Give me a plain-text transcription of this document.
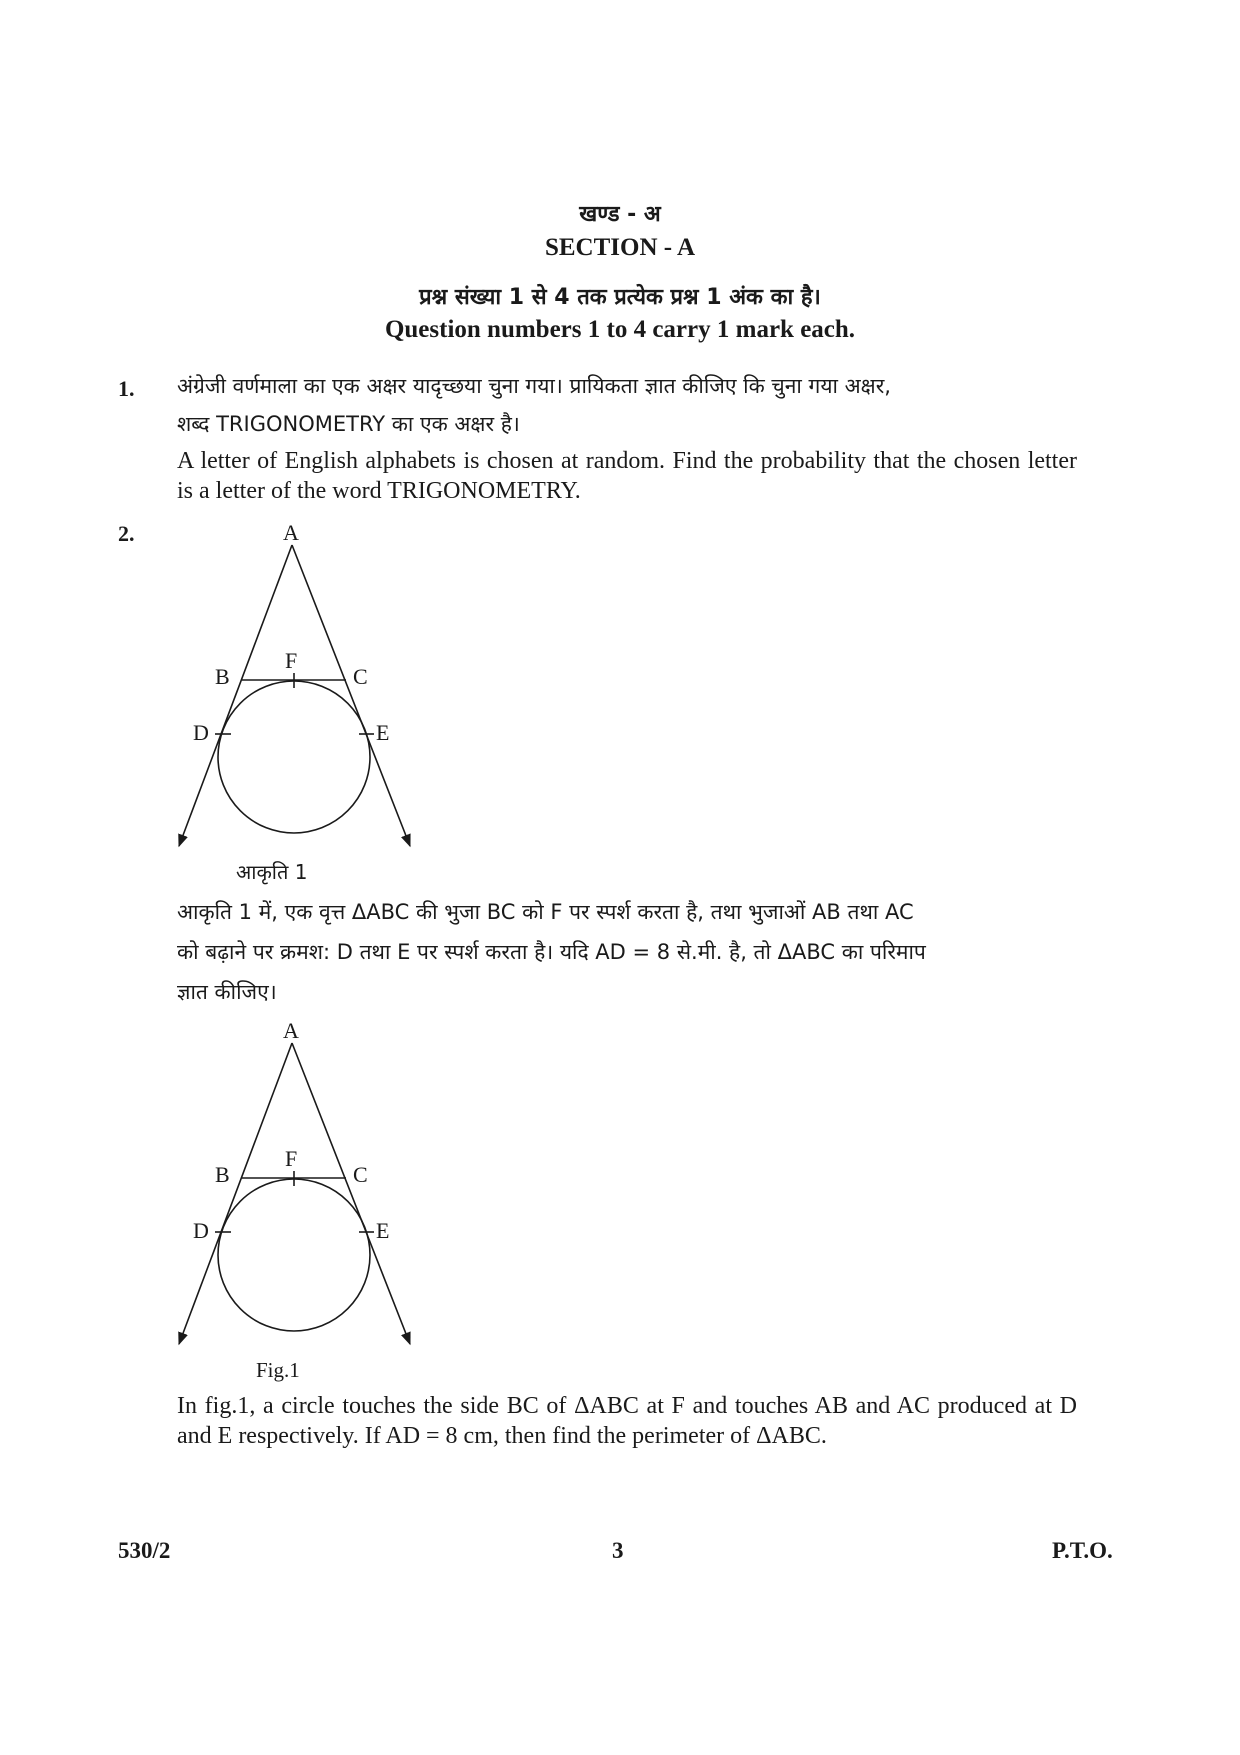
खण्ड - अ
SECTION - A
प्रश्न संख्या 1 से 4 तक प्रत्येक प्रश्न 1 अंक का है।
Question numbers 1 to 4 carry 1 mark each.
1. अंग्रेजी वर्णमाला का एक अक्षर यादृच्छया चुना गया। प्रायिकता ज्ञात कीजिए कि चुना गया अक्षर,
शब्द TRIGONOMETRY का एक अक्षर है।
A letter of English alphabets is chosen at random. Find the probability that the chosen letter is a letter of the word TRIGONOMETRY.
2.	A
B	C
D	E
F
A
B	C
D	E
F
आकृति 1
आकृति 1 में, एक वृत्त ΔABC की भुजा BC को F पर स्पर्श करता है, तथा भुजाओं AB तथा AC
को बढ़ाने पर क्रमश: D तथा E पर स्पर्श करता है। यदि AD = 8 से.मी. है, तो ΔABC का परिमाप
ज्ञात कीजिए।
Fig.1
In fig.1, a circle touches the side BC of ΔABC at F and touches AB and AC produced at D and E respectively. If AD = 8 cm, then find the perimeter of ΔABC.
530/2	3	P.T.O.
